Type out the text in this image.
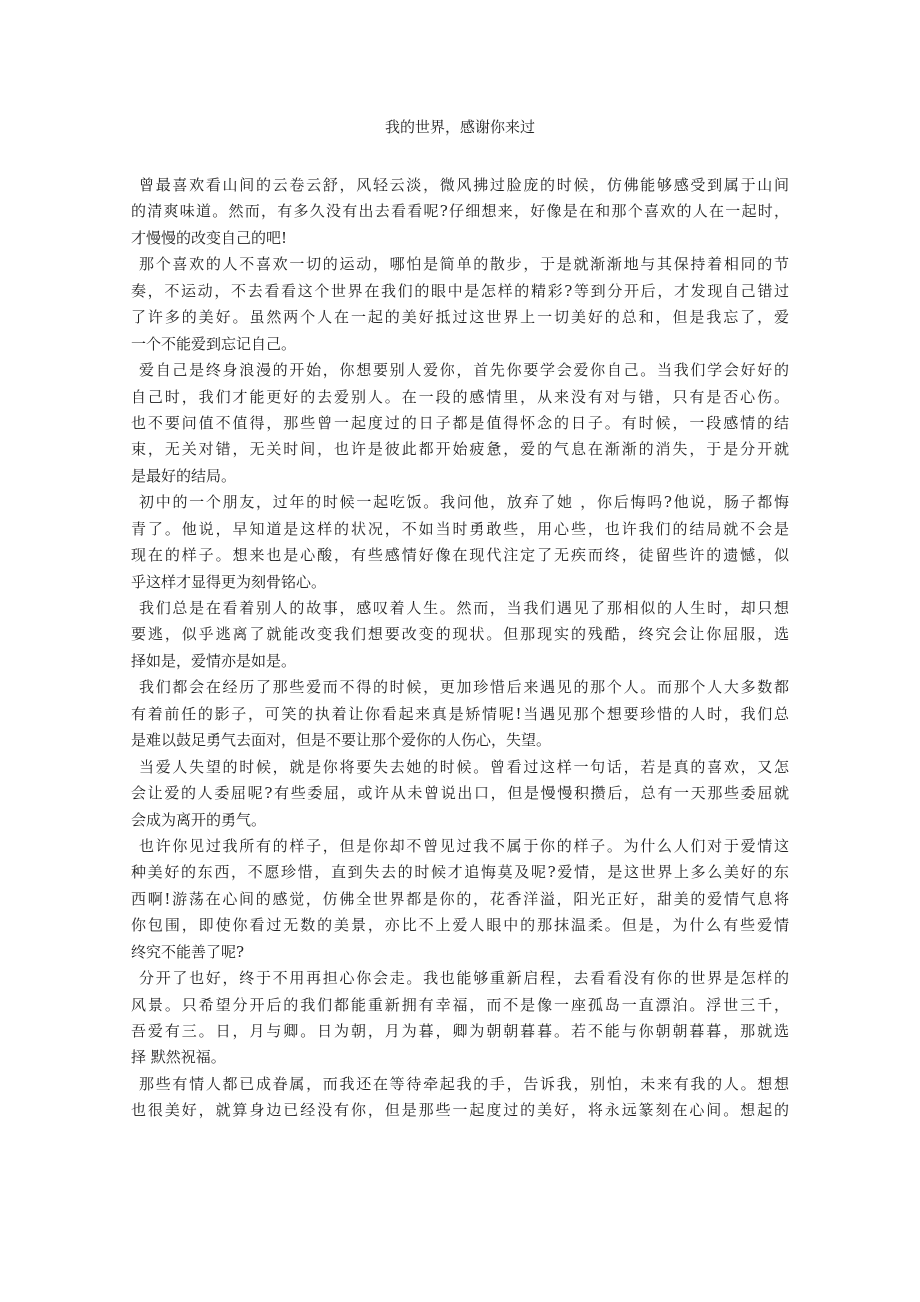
我的世界，感谢你来过
曾最喜欢看山间的云卷云舒，风轻云淡，微风拂过脸庞的时候，仿佛能够感受到属于山间
的清爽味道。然而，有多久没有出去看看呢?仔细想来，好像是在和那个喜欢的人在一起时，
才慢慢的改变自己的吧!
那个喜欢的人不喜欢一切的运动，哪怕是简单的散步，于是就渐渐地与其保持着相同的节
奏，不运动，不去看看这个世界在我们的眼中是怎样的精彩?等到分开后，才发现自己错过
了许多的美好。虽然两个人在一起的美好抵过这世界上一切美好的总和，但是我忘了，爱
一个不能爱到忘记自己。
爱自己是终身浪漫的开始，你想要别人爱你，首先你要学会爱你自己。当我们学会好好的
自己时，我们才能更好的去爱别人。在一段的感情里，从来没有对与错，只有是否心伤。
也不要问值不值得，那些曾一起度过的日子都是值得怀念的日子。有时候，一段感情的结
束，无关对错，无关时间，也许是彼此都开始疲惫，爱的气息在渐渐的消失，于是分开就
是最好的结局。
初中的一个朋友，过年的时候一起吃饭。我问他，放弃了她 ，你后悔吗?他说，肠子都悔
青了。他说，早知道是这样的状况，不如当时勇敢些，用心些，也许我们的结局就不会是
现在的样子。想来也是心酸，有些感情好像在现代注定了无疾而终，徒留些许的遗憾，似
乎这样才显得更为刻骨铭心。
我们总是在看着别人的故事，感叹着人生。然而，当我们遇见了那相似的人生时，却只想
要逃，似乎逃离了就能改变我们想要改变的现状。但那现实的残酷，终究会让你屈服，选
择如是，爱情亦是如是。
我们都会在经历了那些爱而不得的时候，更加珍惜后来遇见的那个人。而那个人大多数都
有着前任的影子，可笑的执着让你看起来真是矫情呢!当遇见那个想要珍惜的人时，我们总
是难以鼓足勇气去面对，但是不要让那个爱你的人伤心，失望。
当爱人失望的时候，就是你将要失去她的时候。曾看过这样一句话，若是真的喜欢，又怎
会让爱的人委屈呢?有些委屈，或许从未曾说出口，但是慢慢积攒后，总有一天那些委屈就
会成为离开的勇气。
也许你见过我所有的样子，但是你却不曾见过我不属于你的样子。为什么人们对于爱情这
种美好的东西，不愿珍惜，直到失去的时候才追悔莫及呢?爱情，是这世界上多么美好的东
西啊!游荡在心间的感觉，仿佛全世界都是你的，花香洋溢，阳光正好，甜美的爱情气息将
你包围，即使你看过无数的美景，亦比不上爱人眼中的那抹温柔。但是，为什么有些爱情
终究不能善了呢?
分开了也好，终于不用再担心你会走。我也能够重新启程，去看看没有你的世界是怎样的
风景。只希望分开后的我们都能重新拥有幸福，而不是像一座孤岛一直漂泊。浮世三千，
吾爱有三。日，月与卿。日为朝，月为暮，卿为朝朝暮暮。若不能与你朝朝暮暮，那就选
择 默然祝福。
那些有情人都已成眷属，而我还在等待牵起我的手，告诉我，别怕，未来有我的人。想想
也很美好，就算身边已经没有你，但是那些一起度过的美好，将永远篆刻在心间。想起的
